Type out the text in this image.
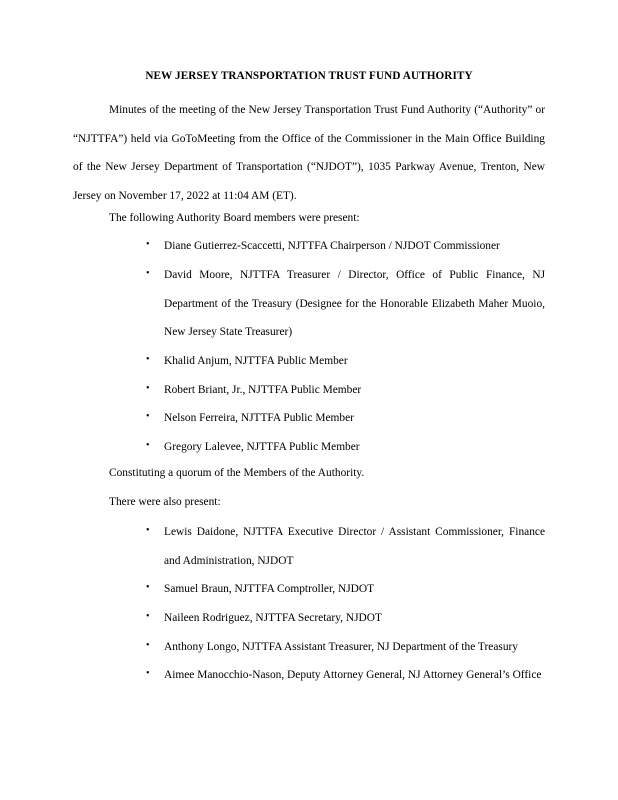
NEW JERSEY TRANSPORTATION TRUST FUND AUTHORITY

Minutes of the meeting of the New Jersey Transportation Trust Fund Authority (“Authority” or “NJTTFA”) held via GoToMeeting from the Office of the Commissioner in the Main Office Building of the New Jersey Department of Transportation (“NJDOT”), 1035 Parkway Avenue, Trenton, New Jersey on November 17, 2022 at 11:04 AM (ET).

The following Authority Board members were present:

• Diane Gutierrez-Scaccetti, NJTTFA Chairperson / NJDOT Commissioner

• David Moore, NJTTFA Treasurer / Director, Office of Public Finance, NJ Department of the Treasury (Designee for the Honorable Elizabeth Maher Muoio, New Jersey State Treasurer)

• Khalid Anjum, NJTTFA Public Member

• Robert Briant, Jr., NJTTFA Public Member

• Nelson Ferreira, NJTTFA Public Member

• Gregory Lalevee, NJTTFA Public Member

Constituting a quorum of the Members of the Authority.

There were also present:

• Lewis Daidone, NJTTFA Executive Director / Assistant Commissioner, Finance and Administration, NJDOT

• Samuel Braun, NJTTFA Comptroller, NJDOT

• Naileen Rodriguez, NJTTFA Secretary, NJDOT

• Anthony Longo, NJTTFA Assistant Treasurer, NJ Department of the Treasury

• Aimee Manocchio-Nason, Deputy Attorney General, NJ Attorney General’s Office
